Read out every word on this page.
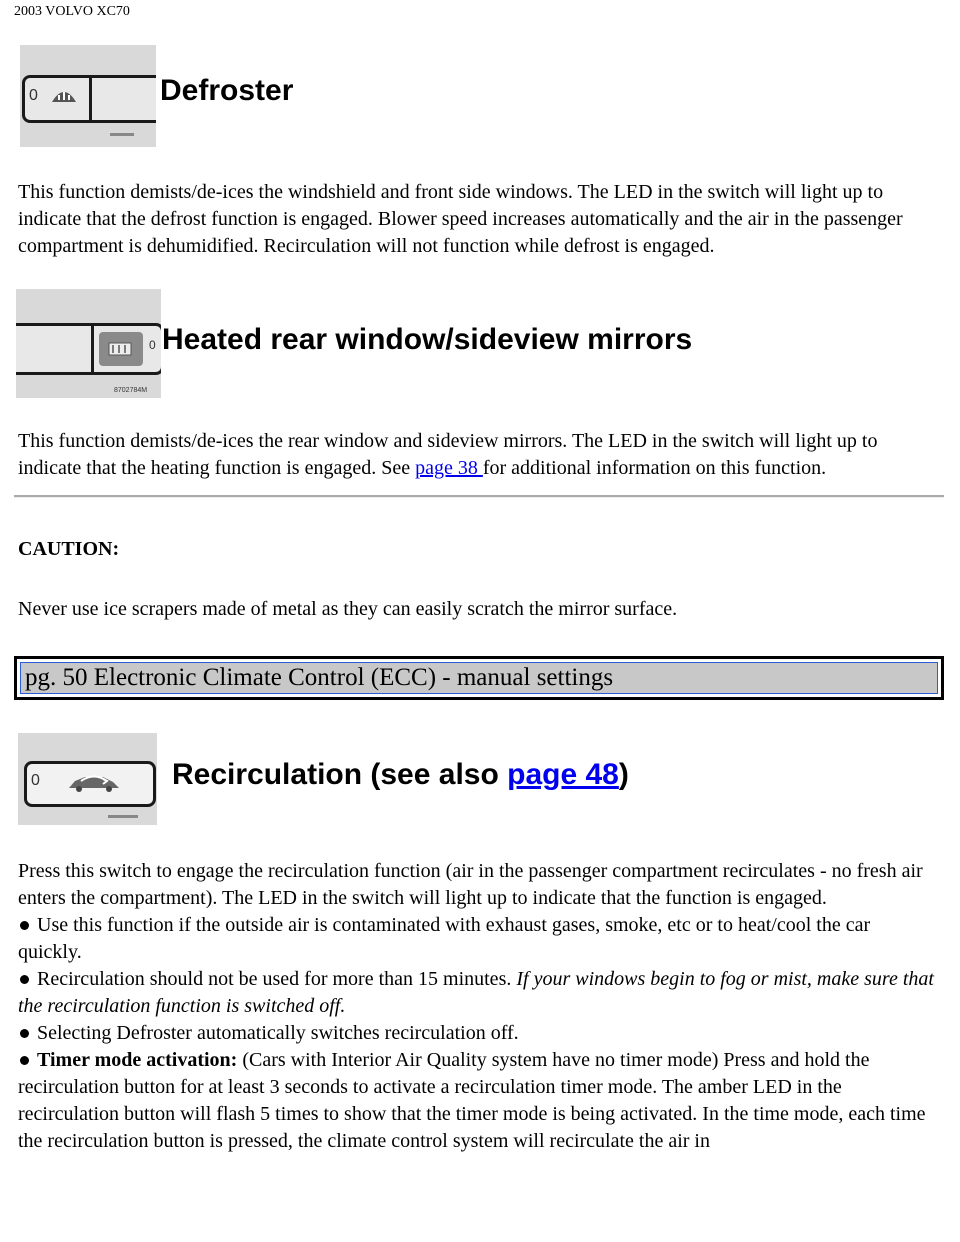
2003 VOLVO XC70
0	Defroster
This function demists/de-ices the windshield and front side windows. The LED in the switch will light up to indicate that the defrost function is engaged. Blower speed increases automatically and the air in the passenger compartment is dehumidified. Recirculation will not function while defrost is engaged.
0
8702784M
Heated rear window/sideview mirrors
This function demists/de-ices the rear window and sideview mirrors. The LED in the switch will light up to indicate that the heating function is engaged. See page 38 for additional information on this function.
CAUTION:
Never use ice scrapers made of metal as they can easily scratch the mirror surface.
pg. 50 Electronic Climate Control (ECC) - manual settings
0	Recirculation (see also page 48)
Press this switch to engage the recirculation function (air in the passenger compartment recirculates - no fresh air enters the compartment). The LED in the switch will light up to indicate that the function is engaged.
Use this function if the outside air is contaminated with exhaust gases, smoke, etc or to heat/cool the car quickly.
Recirculation should not be used for more than 15 minutes. If your windows begin to fog or mist, make sure that the recirculation function is switched off.
Selecting Defroster automatically switches recirculation off.
Timer mode activation: (Cars with Interior Air Quality system have no timer mode) Press and hold the recirculation button for at least 3 seconds to activate a recirculation timer mode. The amber LED in the recirculation button will flash 5 times to show that the timer mode is being activated. In the time mode, each time the recirculation button is pressed, the climate control system will recirculate the air in
